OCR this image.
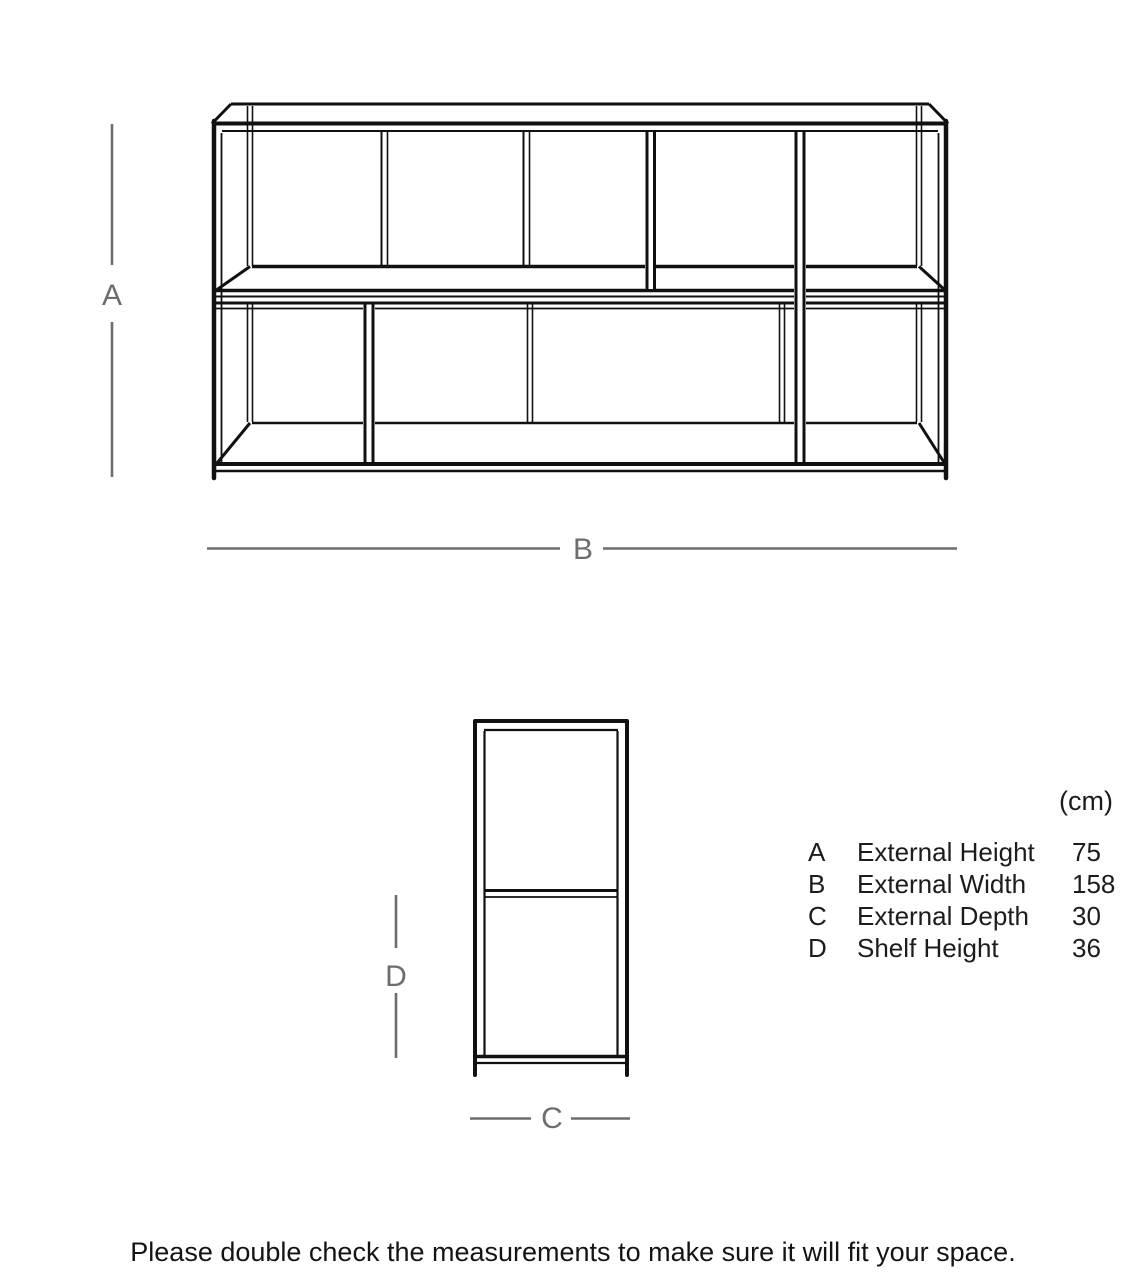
A
B
C
D
(cm)
A	External Height	75
B	External Width	158
C	External Depth	30
D	Shelf Height	36
Please double check the measurements to make sure it will fit your space.
